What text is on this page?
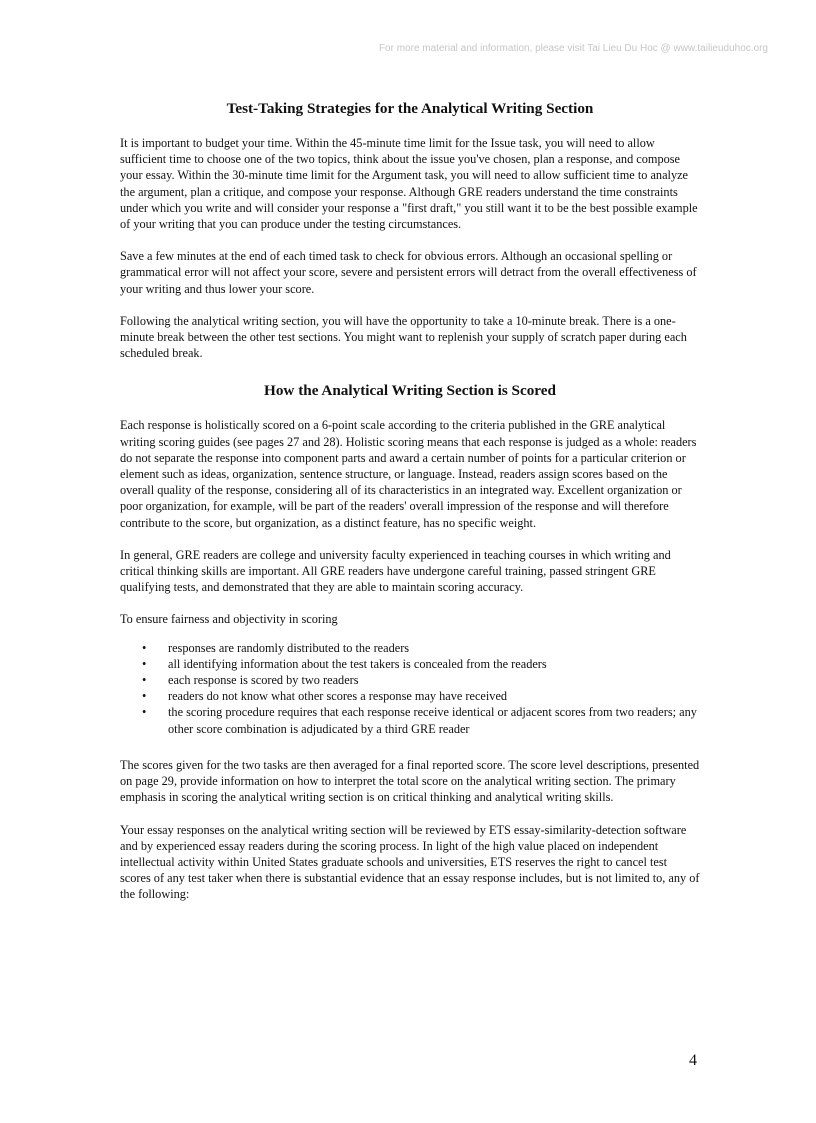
For more material and information, please visit Tai Lieu Du Hoc @ www.tailieuduhoc.org
Test-Taking Strategies for the Analytical Writing Section

It is important to budget your time. Within the 45-minute time limit for the Issue task, you will need to allow sufficient time to choose one of the two topics, think about the issue you've chosen, plan a response, and compose your essay. Within the 30-minute time limit for the Argument task, you will need to allow sufficient time to analyze the argument, plan a critique, and compose your response. Although GRE readers understand the time constraints under which you write and will consider your response a "first draft," you still want it to be the best possible example of your writing that you can produce under the testing circumstances.

Save a few minutes at the end of each timed task to check for obvious errors. Although an occasional spelling or grammatical error will not affect your score, severe and persistent errors will detract from the overall effectiveness of your writing and thus lower your score.

Following the analytical writing section, you will have the opportunity to take a 10-minute break. There is a one-minute break between the other test sections. You might want to replenish your supply of scratch paper during each scheduled break.

How the Analytical Writing Section is Scored

Each response is holistically scored on a 6-point scale according to the criteria published in the GRE analytical writing scoring guides (see pages 27 and 28). Holistic scoring means that each response is judged as a whole: readers do not separate the response into component parts and award a certain number of points for a particular criterion or element such as ideas, organization, sentence structure, or language. Instead, readers assign scores based on the overall quality of the response, considering all of its characteristics in an integrated way. Excellent organization or poor organization, for example, will be part of the readers' overall impression of the response and will therefore contribute to the score, but organization, as a distinct feature, has no specific weight.

In general, GRE readers are college and university faculty experienced in teaching courses in which writing and critical thinking skills are important. All GRE readers have undergone careful training, passed stringent GRE qualifying tests, and demonstrated that they are able to maintain scoring accuracy.

To ensure fairness and objectivity in scoring

• responses are randomly distributed to the readers
• all identifying information about the test takers is concealed from the readers
• each response is scored by two readers
• readers do not know what other scores a response may have received
• the scoring procedure requires that each response receive identical or adjacent scores from two readers; any other score combination is adjudicated by a third GRE reader

The scores given for the two tasks are then averaged for a final reported score. The score level descriptions, presented on page 29, provide information on how to interpret the total score on the analytical writing section. The primary emphasis in scoring the analytical writing section is on critical thinking and analytical writing skills.

Your essay responses on the analytical writing section will be reviewed by ETS essay-similarity-detection software and by experienced essay readers during the scoring process. In light of the high value placed on independent intellectual activity within United States graduate schools and universities, ETS reserves the right to cancel test scores of any test taker when there is substantial evidence that an essay response includes, but is not limited to, any of the following:

4
